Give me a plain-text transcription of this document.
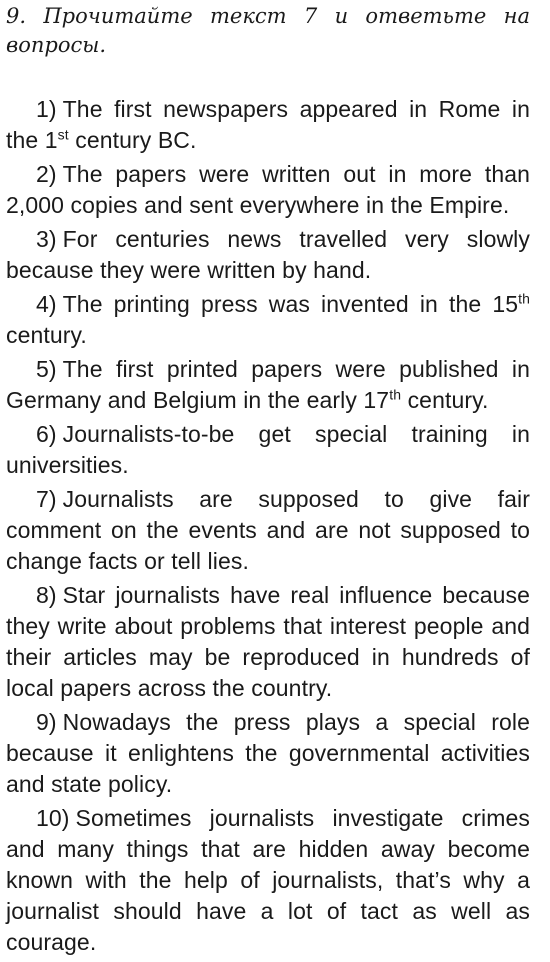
9. Прочитайте текст 7 и ответьте на
вопросы.

1) The first newspapers appeared in Rome in the 1st century BC.

2) The papers were written out in more than 2,000 copies and sent everywhere in the Empire.

3) For centuries news travelled very slowly because they were written by hand.

4) The printing press was invented in the 15th century.

5) The first printed papers were published in Germany and Belgium in the early 17th century.

6) Journalists-to-be get special training in universities.

7) Journalists are supposed to give fair comment on the events and are not supposed to change facts or tell lies.

8) Star journalists have real influence because they write about problems that interest people and their articles may be reproduced in hundreds of local papers across the country.

9) Nowadays the press plays a special role because it enlightens the governmental activities and state policy.

10) Sometimes journalists investigate crimes and many things that are hidden away become known with the help of journalists, that’s why a journalist should have a lot of tact as well as courage.
